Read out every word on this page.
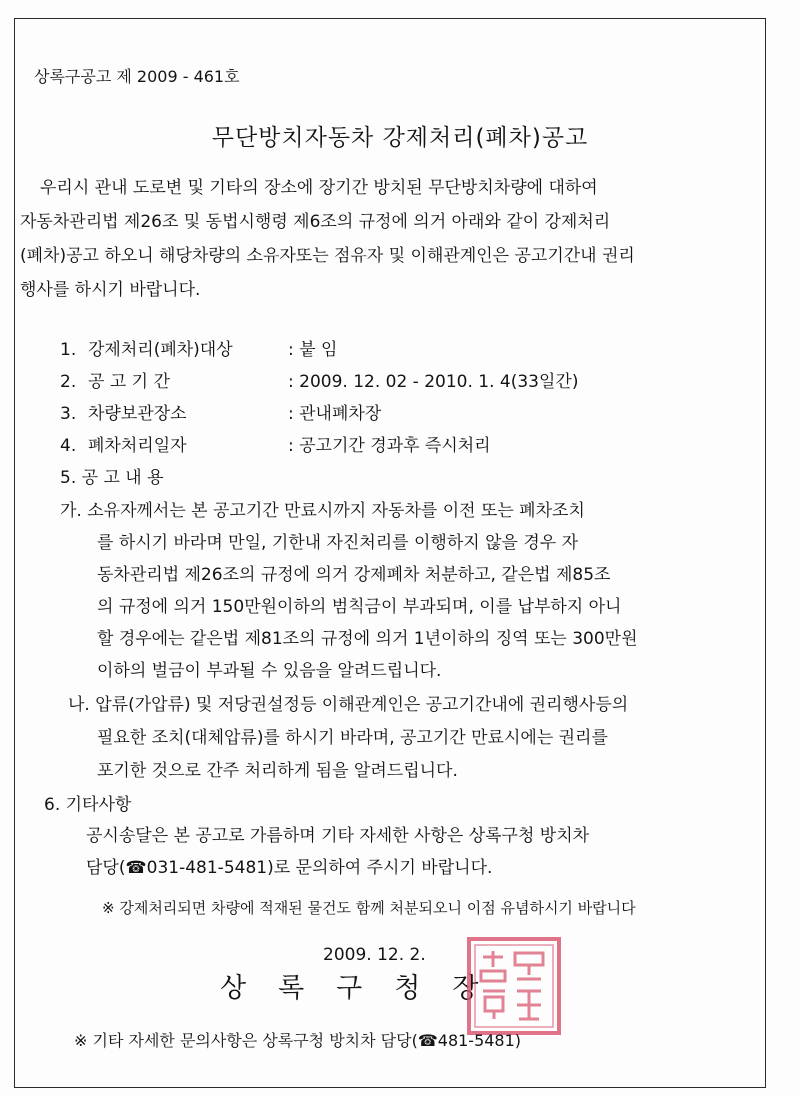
상록구공고 제 2009 - 461호
무단방치자동차 강제처리(폐차)공고
우리시 관내 도로변 및 기타의 장소에 장기간 방치된 무단방치차량에 대하여
자동차관리법 제26조 및 동법시행령 제6조의 규정에 의거 아래와 같이 강제처리
(폐차)공고 하오니 해당차량의 소유자또는 점유자 및 이해관계인은 공고기간내 권리
행사를 하시기 바랍니다.
1. 강제처리(폐차)대상	: 붙 임
2. 공 고 기 간	: 2009. 12. 02 - 2010. 1. 4(33일간)
3. 차량보관장소	: 관내폐차장
4. 폐차처리일자	: 공고기간 경과후 즉시처리
5. 공 고 내 용
가. 소유자께서는 본 공고기간 만료시까지 자동차를 이전 또는 폐차조치
를 하시기 바라며 만일, 기한내 자진처리를 이행하지 않을 경우 자
동차관리법 제26조의 규정에 의거 강제폐차 처분하고, 같은법 제85조
의 규정에 의거 150만원이하의 범칙금이 부과되며, 이를 납부하지 아니
할 경우에는 같은법 제81조의 규정에 의거 1년이하의 징역 또는 300만원
이하의 벌금이 부과될 수 있음을 알려드립니다.
나. 압류(가압류) 및 저당권설정등 이해관계인은 공고기간내에 권리행사등의
필요한 조치(대체압류)를 하시기 바라며, 공고기간 만료시에는 권리를
포기한 것으로 간주 처리하게 됨을 알려드립니다.
6. 기타사항
공시송달은 본 공고로 가름하며 기타 자세한 사항은 상록구청 방치차
담당(☎031-481-5481)로 문의하여 주시기 바랍니다.
※ 강제처리되면 차량에 적재된 물건도 함께 처분되오니 이점 유념하시기 바랍니다
2009. 12. 2.
상록구청장
※ 기타 자세한 문의사항은 상록구청 방치차 담당(☎481-5481)
